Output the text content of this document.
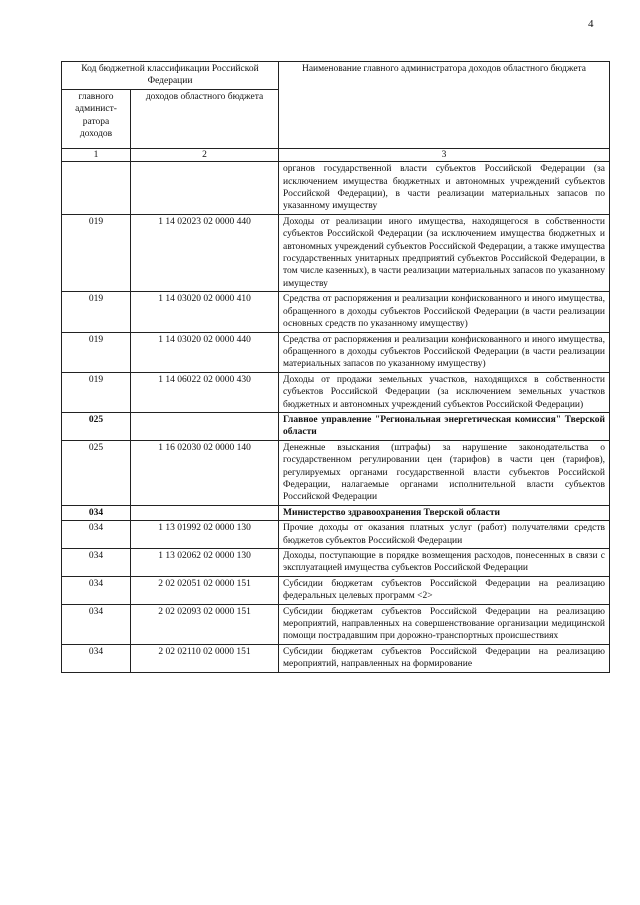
4
Код бюджетной классификации Российской Федерации		Наименование главного администратора доходов областного бюджета
главного админист-ратора доходов	доходов областного бюджета	
1	2	3
		органов государственной власти субъектов Российской Федерации (за исключением имущества бюджетных и автономных учреждений субъектов Российской Федерации), в части реализации материальных запасов по указанному имуществу
019	1 14 02023 02 0000 440	Доходы от реализации иного имущества, находящегося в собственности субъектов Российской Федерации (за исключением имущества бюджетных и автономных учреждений субъектов Российской Федерации, а также имущества государственных унитарных предприятий субъектов Российской Федерации, в том числе казенных), в части реализации материальных запасов по указанному имуществу
019	1 14 03020 02 0000 410	Средства от распоряжения и реализации конфискованного и иного имущества, обращенного в доходы субъектов Российской Федерации (в части реализации основных средств по указанному имуществу)
019	1 14 03020 02 0000 440	Средства от распоряжения и реализации конфискованного и иного имущества, обращенного в доходы субъектов Российской Федерации (в части реализации материальных запасов по указанному имуществу)
019	1 14 06022 02 0000 430	Доходы от продажи земельных участков, находящихся в собственности субъектов Российской Федерации (за исключением земельных участков бюджетных и автономных учреждений субъектов Российской Федерации)
025		Главное управление "Региональная энергетическая комиссия" Тверской области
025	1 16 02030 02 0000 140	Денежные взыскания (штрафы) за нарушение законодательства о государственном регулировании цен (тарифов) в части цен (тарифов), регулируемых органами государственной власти субъектов Российской Федерации, налагаемые органами исполнительной власти субъектов Российской Федерации
034		Министерство здравоохранения Тверской области
034	1 13 01992 02 0000 130	Прочие доходы от оказания платных услуг (работ) получателями средств бюджетов субъектов Российской Федерации
034	1 13 02062 02 0000 130	Доходы, поступающие в порядке возмещения расходов, понесенных в связи с эксплуатацией имущества субъектов Российской Федерации
034	2 02 02051 02 0000 151	Субсидии бюджетам субъектов Российской Федерации на реализацию федеральных целевых программ <2>
034	2 02 02093 02 0000 151	Субсидии бюджетам субъектов Российской Федерации на реализацию мероприятий, направленных на совершенствование организации медицинской помощи пострадавшим при дорожно-транспортных происшествиях
034	2 02 02110 02 0000 151	Субсидии бюджетам субъектов Российской Федерации на реализацию мероприятий, направленных на формирование
